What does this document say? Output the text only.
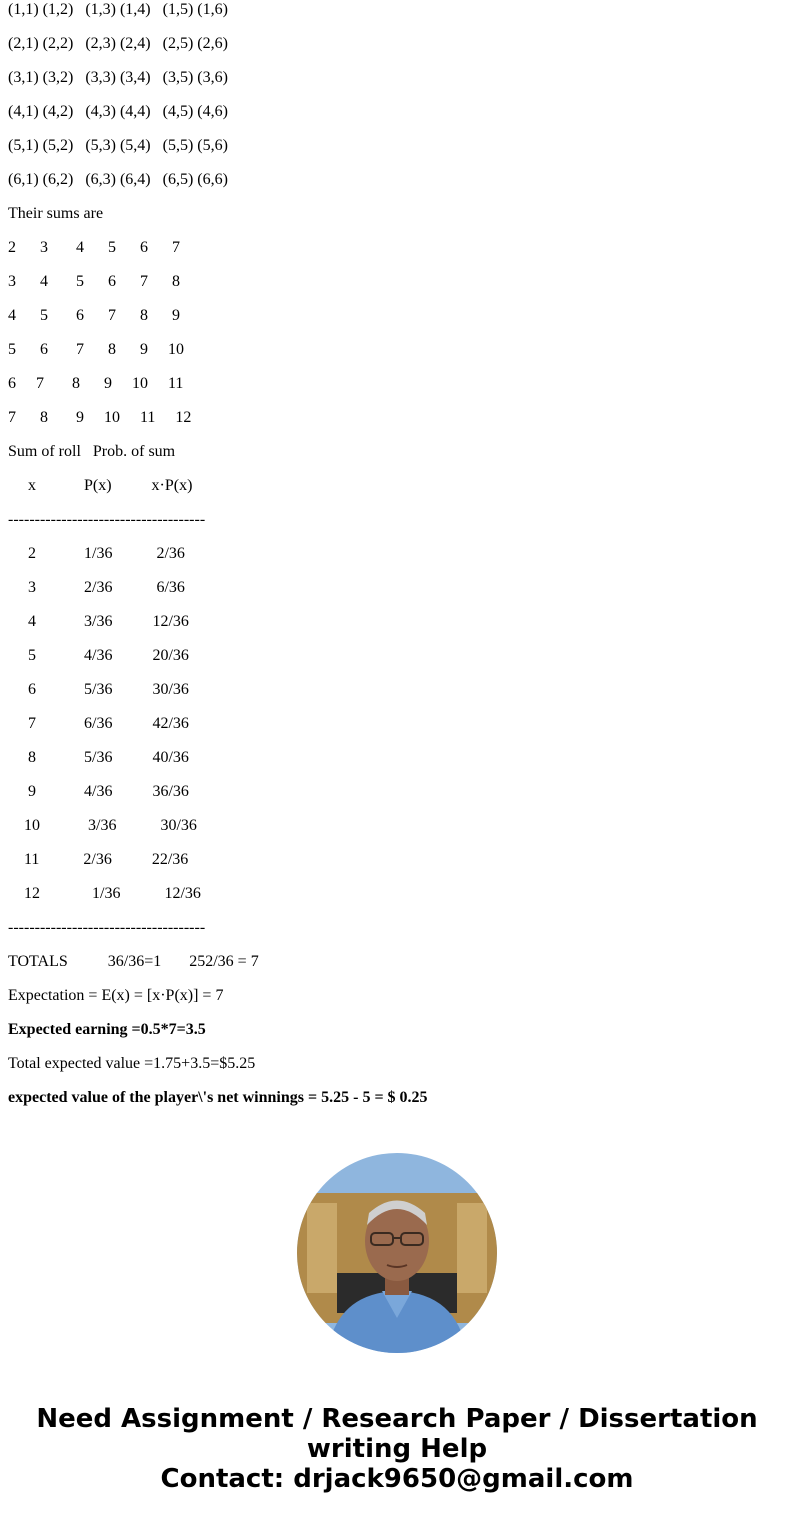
(1,1) (1,2)   (1,3) (1,4)   (1,5) (1,6)

(2,1) (2,2)   (2,3) (2,4)   (2,5) (2,6)

(3,1) (3,2)   (3,3) (3,4)   (3,5) (3,6)

(4,1) (4,2)   (4,3) (4,4)   (4,5) (4,6)

(5,1) (5,2)   (5,3) (5,4)   (5,5) (5,6)

(6,1) (6,2)   (6,3) (6,4)   (6,5) (6,6)

Their sums are

2      3       4      5      6      7

3      4       5      6      7      8

4      5       6      7      8      9

5      6       7      8      9     10

6     7       8      9     10     11

7      8       9     10     11     12

Sum of roll   Prob. of sum

x            P(x)          x·P(x)

-------------------------------------

2            1/36           2/36

3            2/36           6/36

4            3/36          12/36

5            4/36          20/36

6            5/36          30/36

7            6/36          42/36

8            5/36          40/36

9            4/36          36/36

10            3/36           30/36

11           2/36          22/36

12             1/36           12/36

-------------------------------------

TOTALS          36/36=1       252/36 = 7

Expectation = E(x) = [x·P(x)] = 7

Expected earning =0.5*7=3.5

Total expected value =1.75+3.5=$5.25

expected value of the player\'s net winnings = 5.25 - 5 = $ 0.25

Need Assignment / Research Paper / Dissertation
writing Help
Contact: drjack9650@gmail.com
